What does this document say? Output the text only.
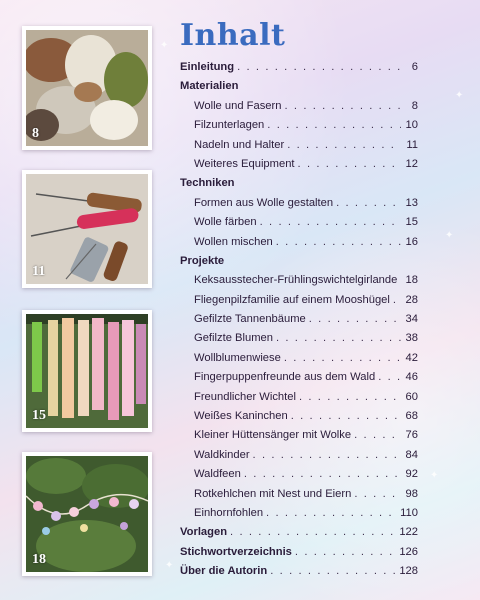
✦
✦
✦
✦
✦
8
11
15
18
Inhalt
Einleitung . . .	6
Materialien
Wolle und Fasern . . .	8
Filzunterlagen . . .	10
Nadeln und Halter . . .	11
Weiteres Equipment . . .	12
Techniken
Formen aus Wolle gestalten . . .	13
Wolle färben . . .	15
Wollen mischen . . .	16
Projekte
Keksausstecher-Frühlingswichtelgirlande . . . 18
Fliegenpilzfamilie auf einem Mooshügel . . . 28
Gefilzte Tannenbäume . . .	34
Gefilzte Blumen . . .	38
Wollblumenwiese . . .	42
Fingerpuppenfreunde aus dem Wald . . .	46
Freundlicher Wichtel . . .	60
Weißes Kaninchen . . .	68
Kleiner Hüttensänger mit Wolke . . .	76
Waldkinder . . .	84
Waldfeen . . .	92
Rotkehlchen mit Nest und Eiern . . .	98
Einhornfohlen . . .	110
Vorlagen . . .	122
Stichwortverzeichnis . . .	126
Über die Autorin . . .	128
